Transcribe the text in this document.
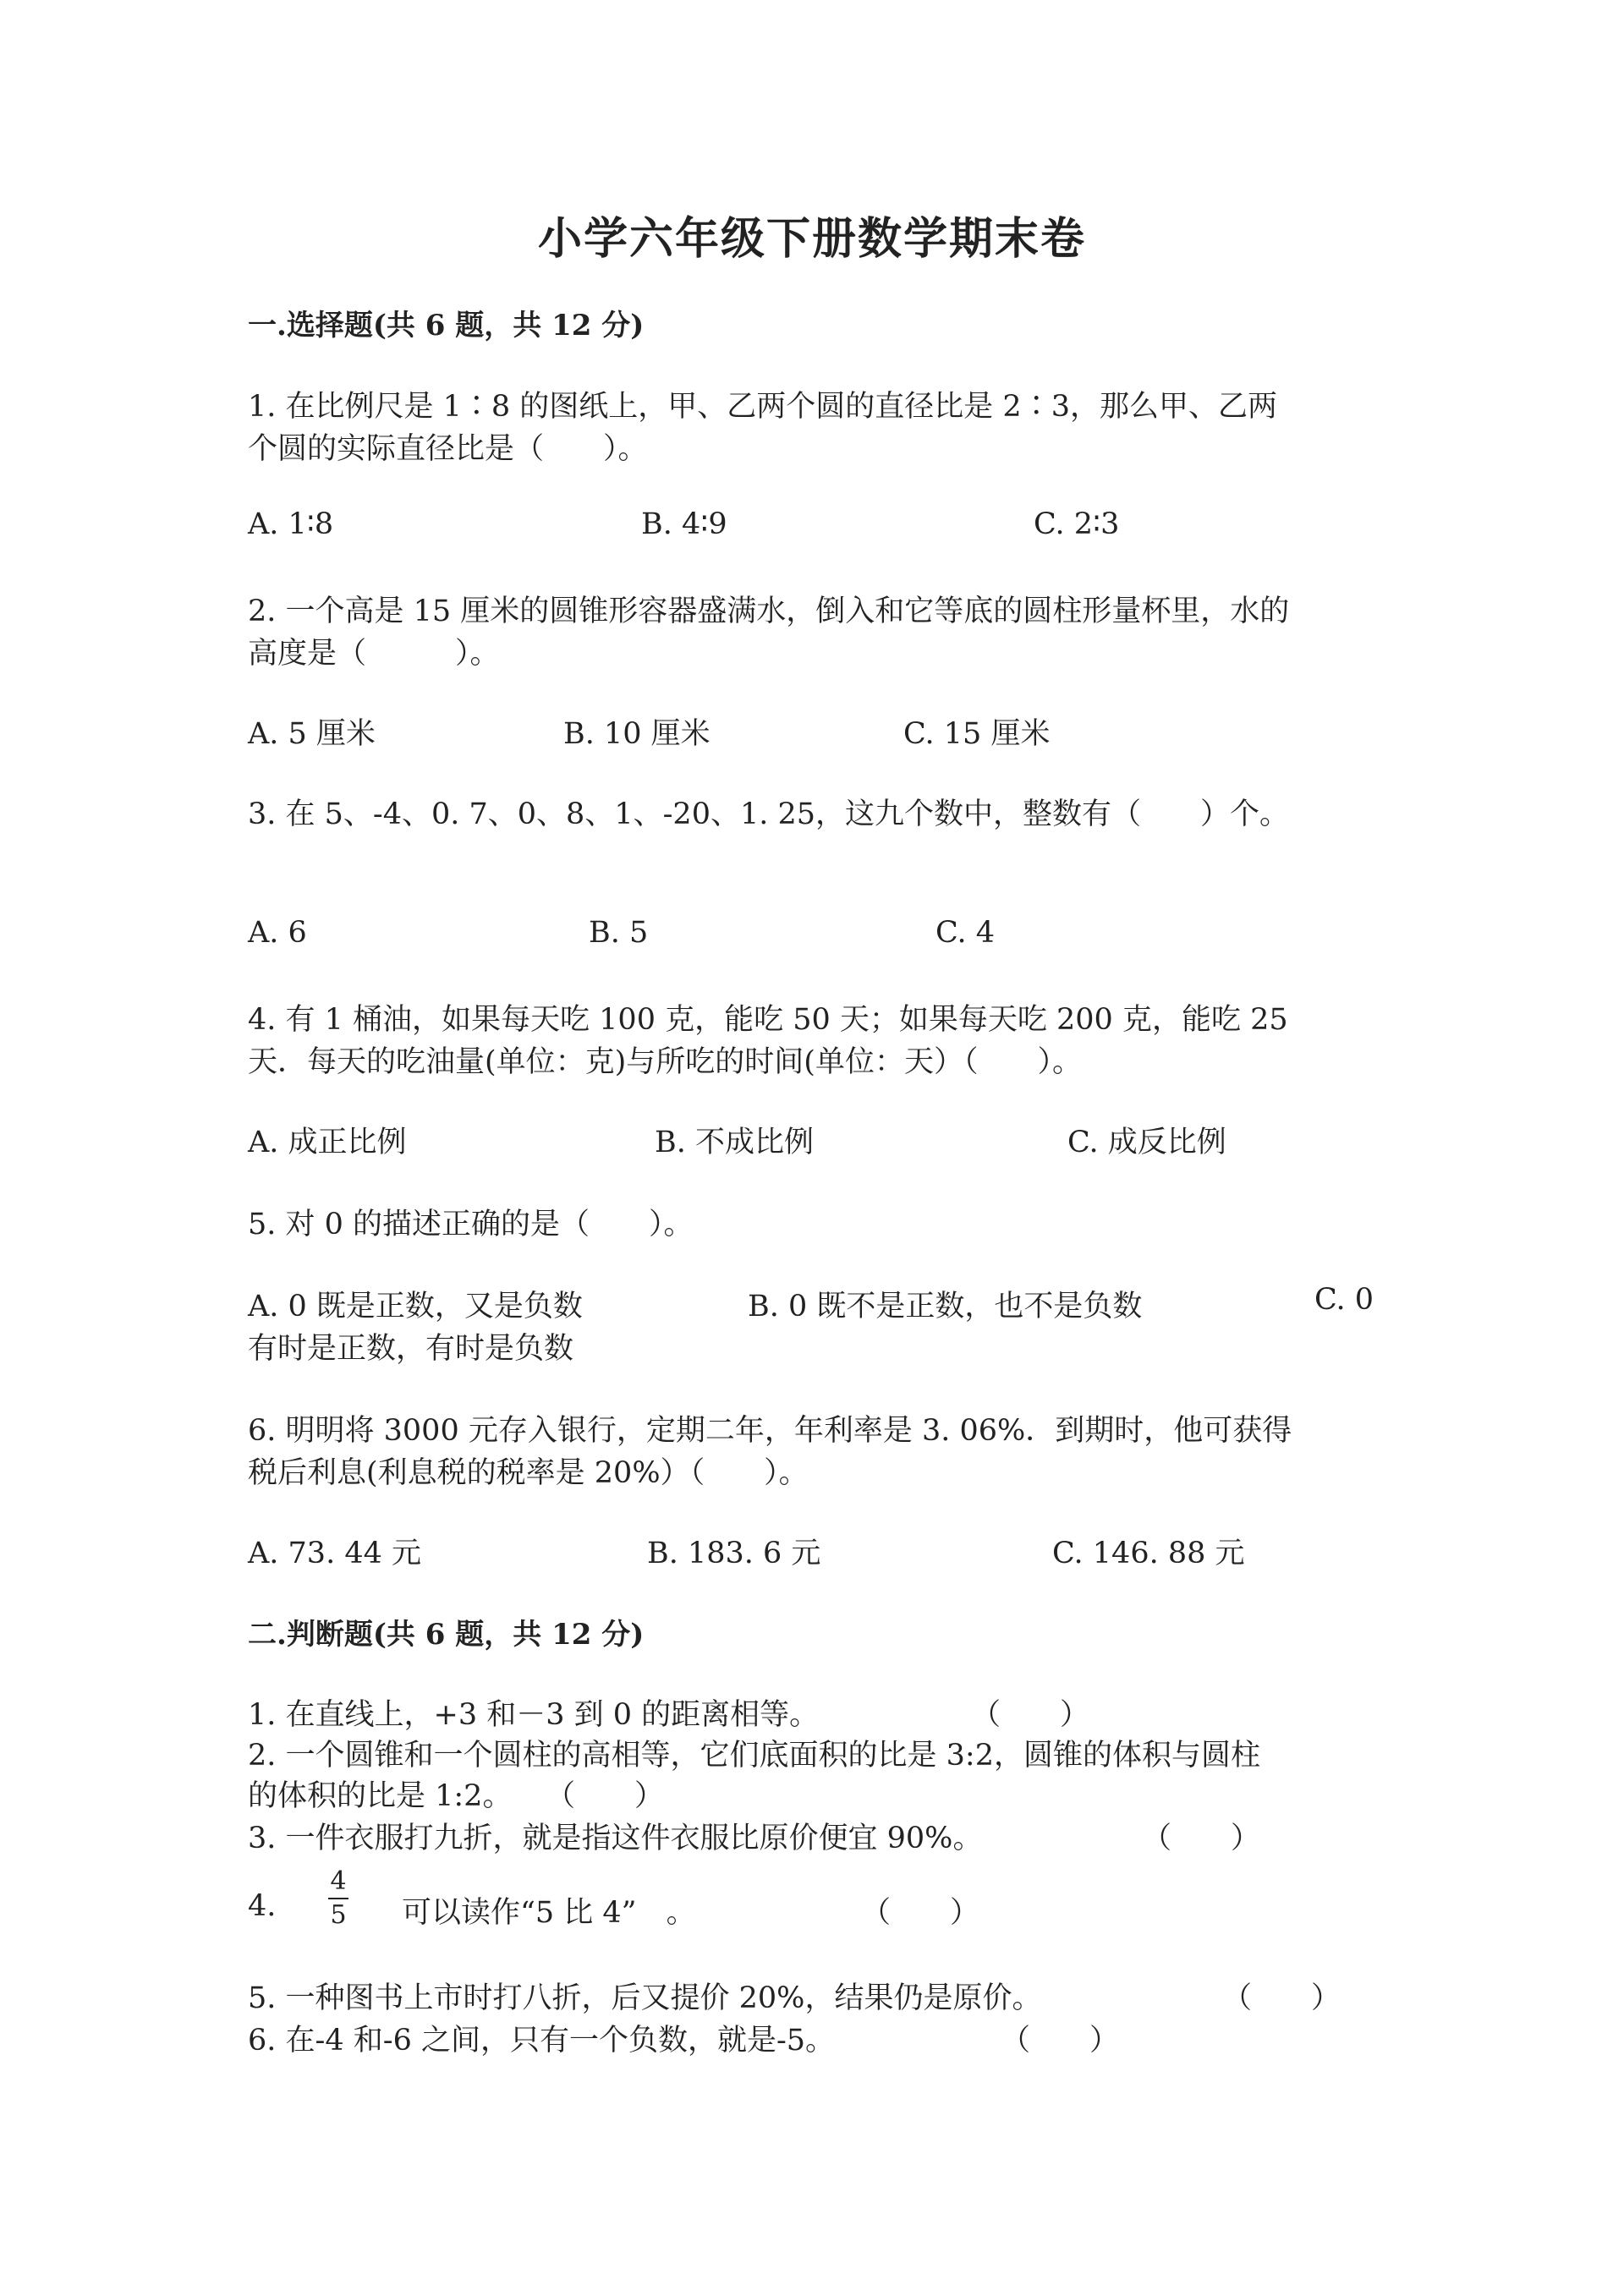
小学六年级下册数学期末卷
一.选择题(共 6 题，共 12 分)
1. 在比例尺是 1∶8 的图纸上，甲、乙两个圆的直径比是 2∶3，那么甲、乙两
个圆的实际直径比是（　　）。
A. 1∶8	B. 4∶9	C. 2∶3
2. 一个高是 15 厘米的圆锥形容器盛满水，倒入和它等底的圆柱形量杯里，水的
高度是（　　　）。
A. 5 厘米	B. 10 厘米	C. 15 厘米
3. 在 5、-4、0. 7、0、8、1、-20、1. 25，这九个数中，整数有（　　）个。
A. 6	B. 5	C. 4
4. 有 1 桶油，如果每天吃 100 克，能吃 50 天；如果每天吃 200 克，能吃 25
天．每天的吃油量(单位：克)与所吃的时间(单位：天）（　　）。
A. 成正比例	B. 不成比例	C. 成反比例
5. 对 0 的描述正确的是（　　）。
A. 0 既是正数，又是负数	B. 0 既不是正数，也不是负数	C. 0
有时是正数，有时是负数
6. 明明将 3000 元存入银行，定期二年，年利率是 3. 06%．到期时，他可获得
税后利息(利息税的税率是 20%）（　　）。
A. 73. 44 元	B. 183. 6 元	C. 146. 88 元
二.判断题(共 6 题，共 12 分)
1. 在直线上，+3 和－3 到 0 的距离相等。	（　　）
2. 一个圆锥和一个圆柱的高相等，它们底面积的比是 3:2，圆锥的体积与圆柱
的体积的比是 1:2。 （　　）
3. 一件衣服打九折，就是指这件衣服比原价便宜 90%。	（　　）
4. $\frac{4}{5}$ 可以读作“5 比 4”　。	（　　）
5. 一种图书上市时打八折，后又提价 20%，结果仍是原价。	（　　）
6. 在-4 和-6 之间，只有一个负数，就是-5。	（　　）
